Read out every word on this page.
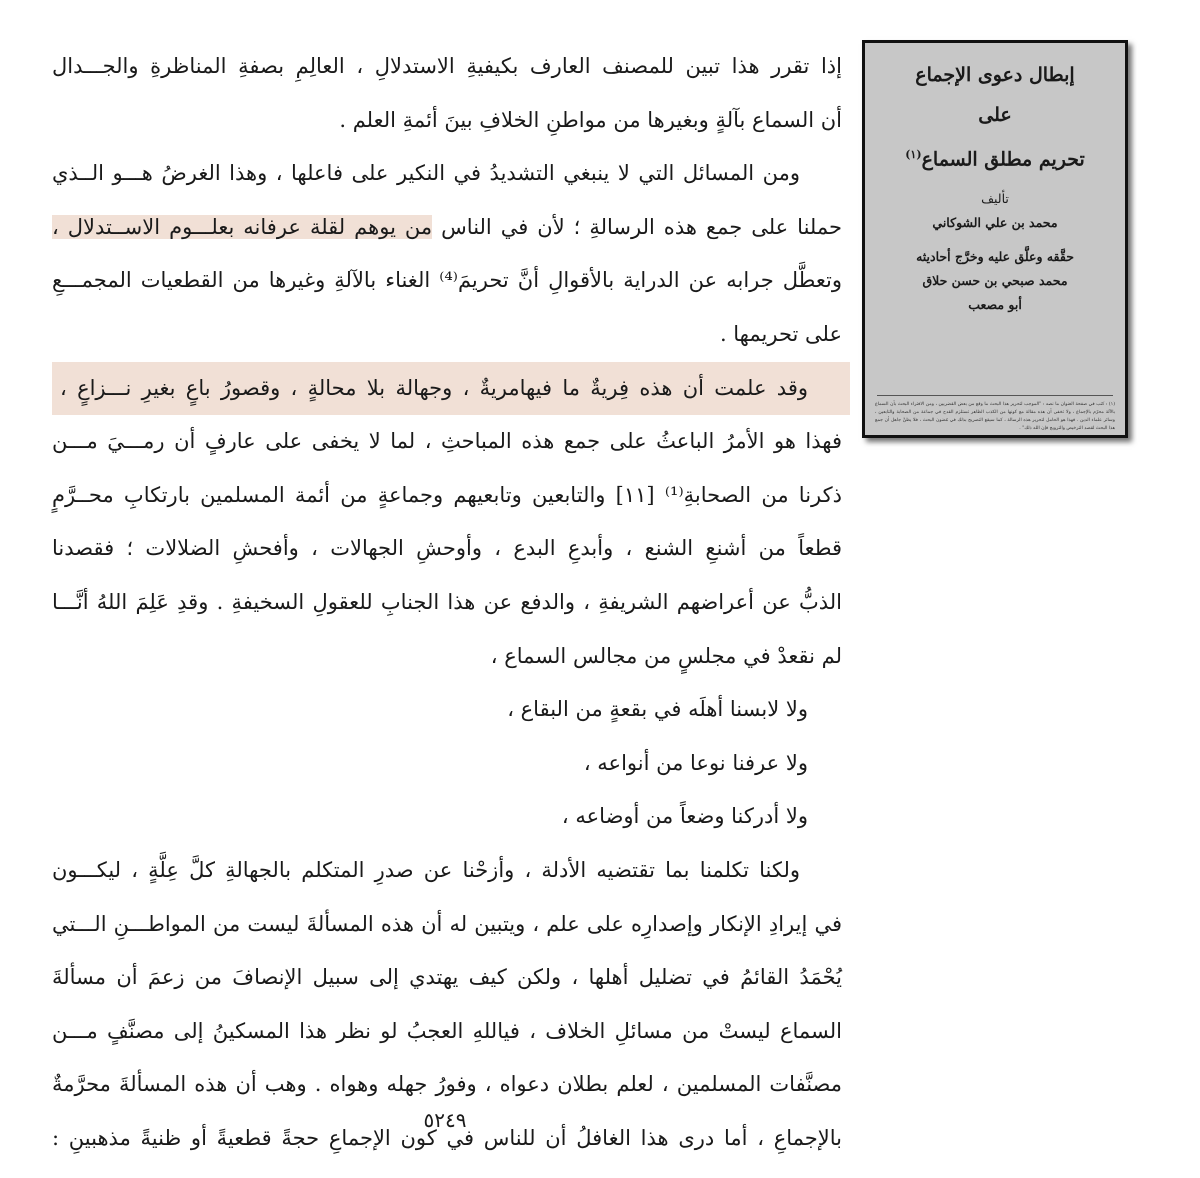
إذا تقرر هذا تبين للمصنف العارف بكيفيةِ الاستدلالِ ، العالِمِ بصفةِ المناظرةِ والجـــدال
أن السماع بآلةٍ وبغيرها من مواطنِ الخلافِ بينَ أئمةِ العلم .
ومن المسائل التي لا ينبغي التشديدُ في النكير على فاعلها ، وهذا الغرضُ هـــو الــذي
حملنا على جمع هذه الرسالةِ ؛ لأن في الناس من يوهم لقلة عرفانه بعلـــوم الاســتدلال ،
وتعطَّل جرابه عن الدراية بالأقوالِ أنَّ تحريمَ⁽⁴⁾ الغناء بالآلةِ وغيرها من القطعيات المجمـــعِ
على تحريمها .
وقد علمت أن هذه فِريةٌ ما فيهامريةٌ ، وجهالة بلا محالةٍ ، وقصورُ باعٍ بغيرِ نـــزاعٍ ،
فهذا هو الأمرُ الباعثُ على جمع هذه المباحثِ ، لما لا يخفى على عارفٍ أن رمـــيَ مـــن
ذكرنا من الصحابةِ⁽¹⁾ [١١] والتابعين وتابعيهم وجماعةٍ من أئمة المسلمين بارتكابِ محــرَّمٍ
قطعاً من أشنعِ الشنع ، وأبدعِ البدع ، وأوحشِ الجهالات ، وأفحشِ الضلالات ؛ فقصدنا
الذبُّ عن أعراضهم الشريفةِ ، والدفع عن هذا الجنابِ للعقولِ السخيفةِ . وقدِ عَلِمَ اللهُ أنَّـــا
لم نقعدْ في مجلسٍ من مجالس السماع ،
ولا لابسنا أهلَه في بقعةٍ من البقاع ،
ولا عرفنا نوعا من أنواعه ،
ولا أدركنا وضعاً من أوضاعه ،
ولكنا تكلمنا بما تقتضيه الأدلة ، وأزحْنا عن صدرِ المتكلم بالجهالةِ كلَّ عِلَّةٍ ، ليكـــون
في إيرادِ الإنكار وإصدارِه على علم ، ويتبين له أن هذه المسألةَ ليست من المواطـــنِ الـــتي
يُحْمَدُ القائمُ في تضليل أهلها ، ولكن كيف يهتدي إلى سبيل الإنصافَ من زعمَ أن مسألةَ
السماع ليستْ من مسائلِ الخلاف ، فياللهِ العجبُ لو نظر هذا المسكينُ إلى مصنَّفٍ مـــن
مصنَّفات المسلمين ، لعلم بطلان دعواه ، وفورُ جهله وهواه . وهب أن هذه المسألةَ محرَّمةٌ
بالإجماعِ ، أما درى هذا الغافلُ أن للناس في كون الإجماعِ حجةً قطعيةً أو ظنيةً مذهبينِ :
٥٢٤٩
إبطال دعوى الإجماع
على
تحريم مطلق السماع$^{(١)}$
تأليف
محمد بن علي الشوكاني
حقَّقه وعلَّق عليه وخرَّج أحاديثه
محمد صبحي بن حسن حلاق
أبو مصعب
(١) : كتب في صفحة العنوان ما نصه : "الموجب لتحرير هذا البحث ما وقع من بعض القضريين ، ومن الافتراء البحث بأن السماع بالآلة محرّم بالإجماع ، ولا تخفى أن هذه مقالة مع كونها من الكذب الظاهر تستلزم القدح في جماعة من الصحابة والتابعين ، وسائر علماء الدين . فهذا هو الحامل لتحرير هذه الرسالة ، كما سيقع التصريح بذلك في مُضون البحث ، فلا يظنَّ جاهل أن جمع هذا البحث لقصد الترخيص والترويج فإن الله ذلك" .
